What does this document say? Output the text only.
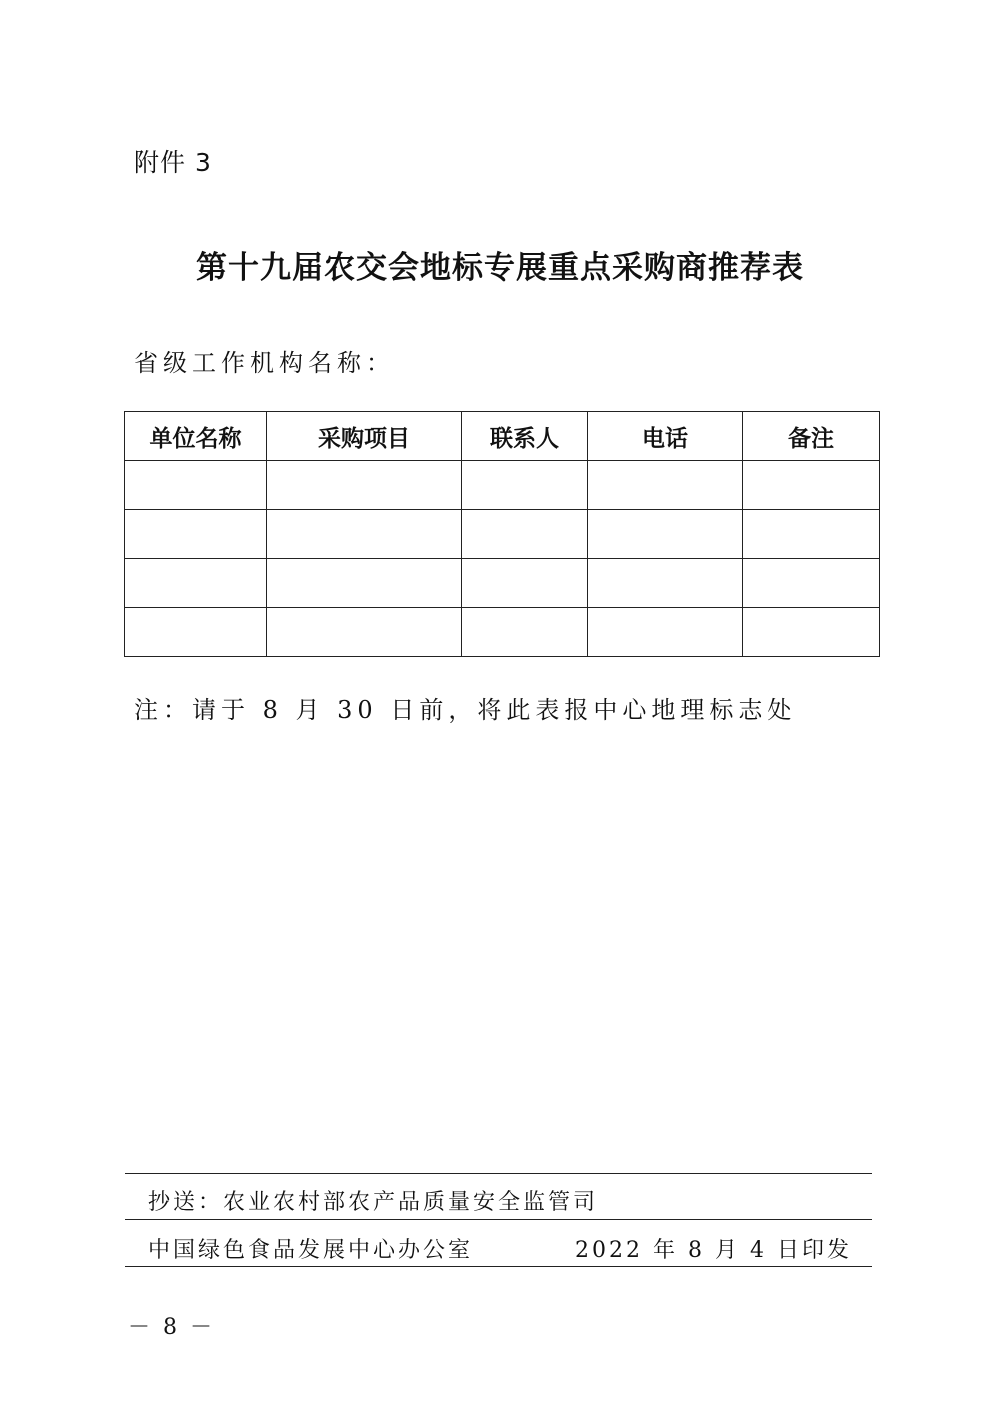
附件 3
第十九届农交会地标专展重点采购商推荐表
省级工作机构名称：
单位名称	采购项目	联系人	电话	备注

注：请于 8 月 30 日前，将此表报中心地理标志处
抄送：农业农村部农产品质量安全监管司
中国绿色食品发展中心办公室	2022 年 8 月 4 日印发
－ 8 －
